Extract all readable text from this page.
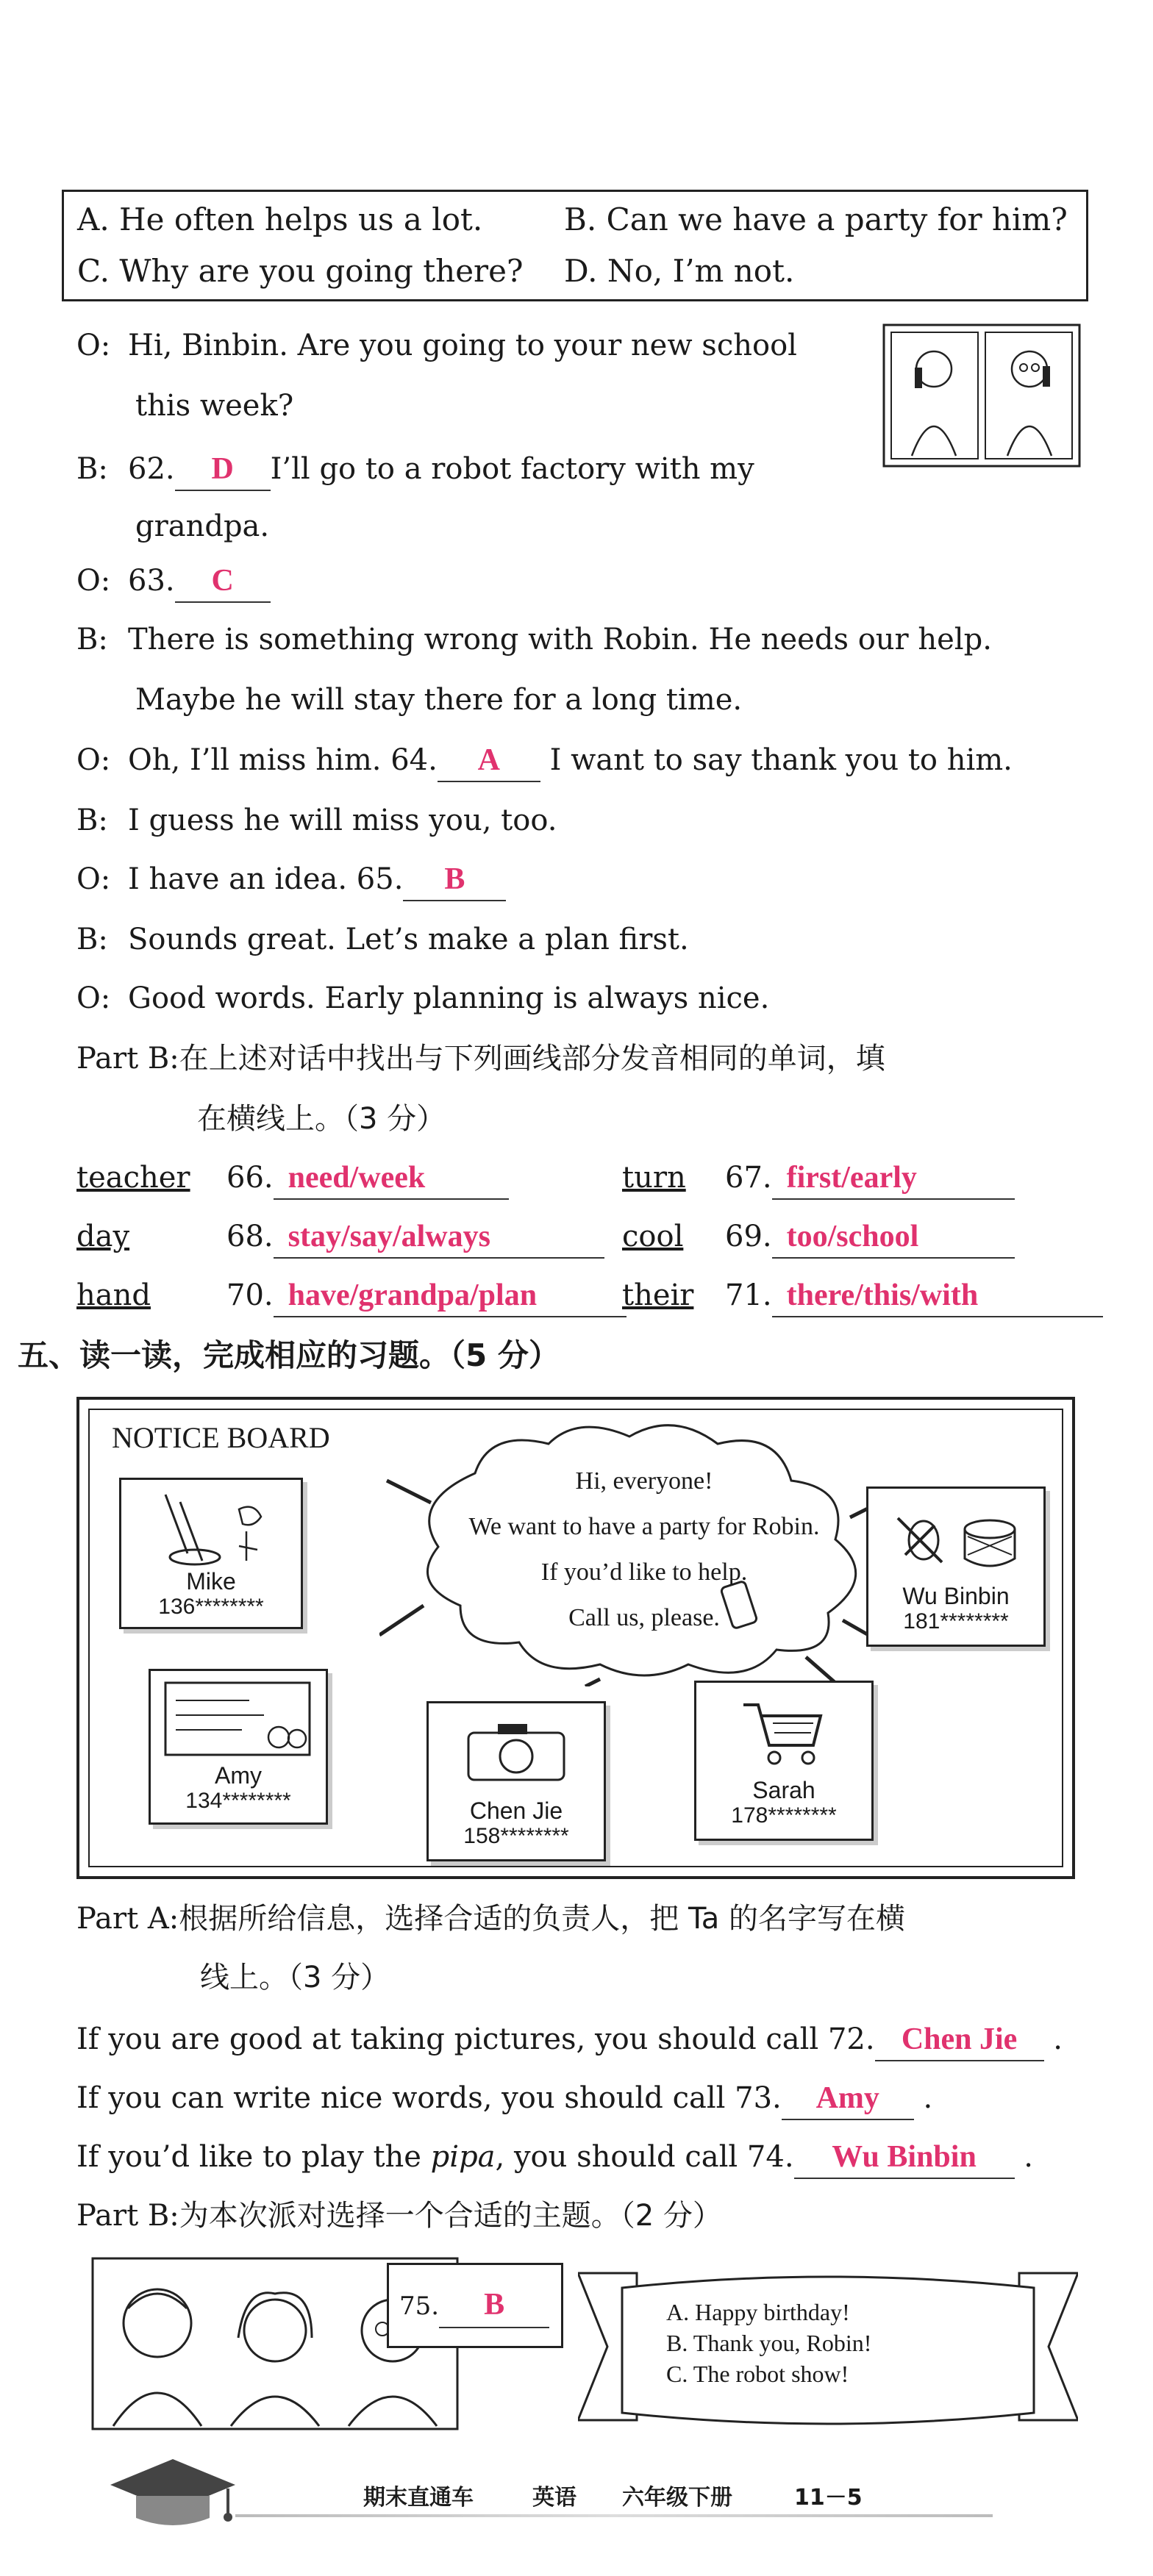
A. He often helps us a lot.	B. Can we have a party for him?
C. Why are you going there? D. No, I’m not.
O: Hi, Binbin. Are you going to your new school
this week?
B: 62. D I’ll go to a robot factory with my
grandpa.
O: 63. C
B: There is something wrong with Robin. He needs our help.
Maybe he will stay there for a long time.
O: Oh, I’ll miss him. 64. A I want to say thank you to him.
B: I guess he will miss you, too.
O: I have an idea. 65. B
B: Sounds great. Let’s make a plan first.
O: Good words. Early planning is always nice.
Part B:在上述对话中找出与下列画线部分发音相同的单词，填
在横线上。（3 分）
teacher 66. need/week	turn 67. first/early
day	68. stay/say/always	cool 69. too/school
hand	70. have/grandpa/plan	their 71. there/this/with
五、读一读，完成相应的习题。（5 分）
NOTICE BOARD
Hi, everyone!
We want to have a party for Robin.
If you’d like to help.
Call us, please.
Mike
136********
Amy
134********	Chen Jie
158********
Sarah
178********
Wu Binbin
181********
Part A:根据所给信息，选择合适的负责人，把 Ta 的名字写在横
线上。（3 分）
If you are good at taking pictures, you should call 72. Chen Jie .
If you can write nice words, you should call 73. Amy .
If you’d like to play the pipa, you should call 74. Wu Binbin .
Part B:为本次派对选择一个合适的主题。（2 分）
75. B	A. Happy birthday!
B. Thank you, Robin!
C. The robot show!
期末直通车	英语 六年级下册	11－5
